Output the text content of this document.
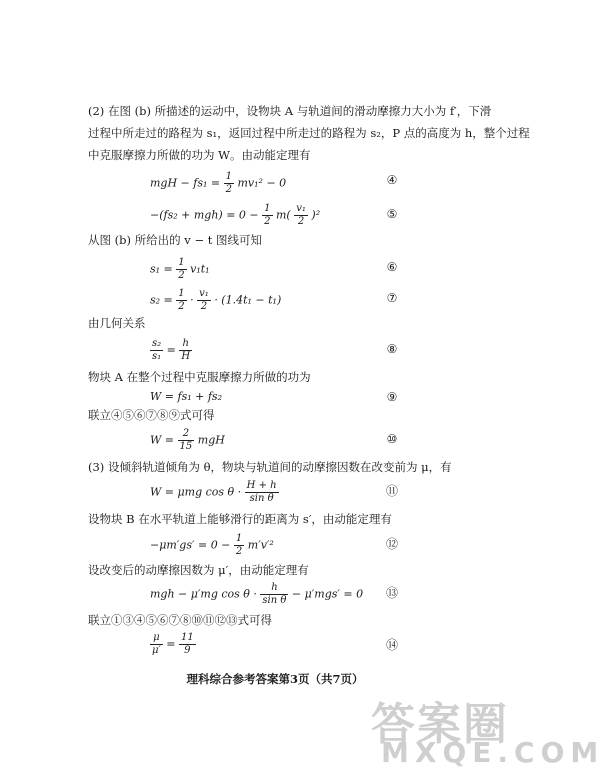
(2) 在图 (b) 所描述的运动中，设物块 A 与轨道间的滑动摩擦力大小为 f′，下滑
过程中所走过的路程为 s₁，返回过程中所走过的路程为 s₂，P 点的高度为 h，整个过程
中克服摩擦力所做的功为 W。由动能定理有
mgH − $fs_1 = \frac{1}{2} mv_1^2 - 0$	④
$-(fs_2 + mgh) = 0 - \frac{1}{2} m( \frac{\text{v₁}}{2} )^2$	⑤
从图 (b) 所给出的 v − t 图线可知
$s_1 = \frac{1}{2} v_1t_1$	⑥
$s_2 = \frac{1}{2} \cdot \frac{\text{v₁}}{2} \cdot (1.4t_1 - t_1)$	⑦
由几何关系
$\frac{\text{s₂}}{\text{s₁}} = \frac{h}{H}$	⑧
物块 A 在整个过程中克服摩擦力所做的功为
W = fs₁ + fs₂	⑨
联立④⑤⑥⑦⑧⑨式可得
$W = \frac{2}{15}$ mgH	⑩
(3) 设倾斜轨道倾角为 θ，物块与轨道间的动摩擦因数在改变前为 μ，有
W = μmg $\cos \theta \cdot \frac{H + h}{\text{sin θ}}$	⑪
设物块 B 在水平轨道上能够滑行的距离为 s′，由动能定理有
$-\mu m'gs' = 0 - \frac{1}{2} m'v'^2$	⑫
设改变后的动摩擦因数为 μ′，由动能定理有
mgh − μ′mg $\cos \theta \cdot \frac{h}{\text{sin θ}} - \mu'mgs' = 0$	⑬
联立①③④⑤⑥⑦⑧⑩⑪⑫⑬式可得
$\frac{\mu}{\mu'} = \frac{11}{9}$	⑭
理科综合参考答案第3页（共7页）
答案圈
MXQE.COM
